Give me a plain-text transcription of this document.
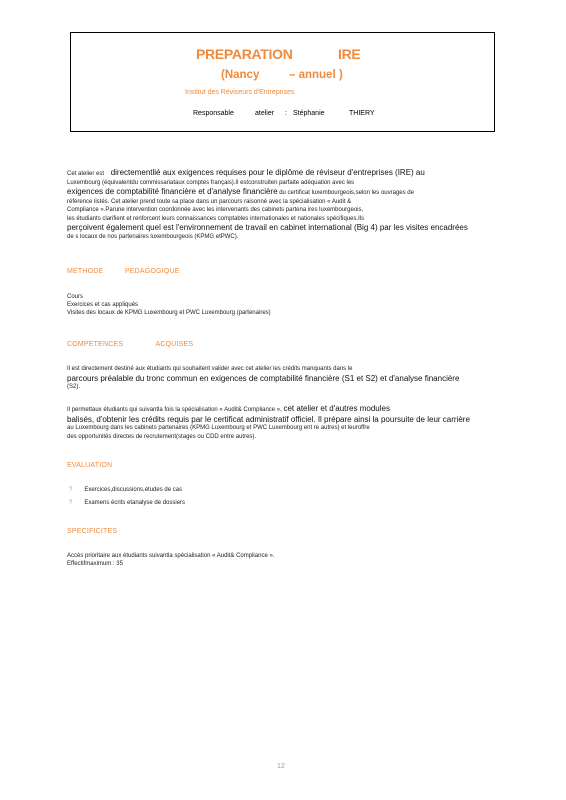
PREPARATION	IRE
(Nancy	– annuel )
Institut des Réviseurs d'Entreprises
Responsable	atelier : Stéphanie	THIERY
Cet atelier est directementlié aux exigences requises pour le diplôme de réviseur d'entreprises (IRE) au
Luxembourg (équivalentdu commissariataux comptes français).Il estconstruiten parfaite adéquation avec les
exigences de comptabilité financière et d'analyse financière du certificat luxembourgeois,selon les ouvrages de
référence listés. Cet atelier prend toute sa place dans un parcours raisonné avec la spécialisation « Audit &
Compliance ».Parune intervention coordonnée avec les intervenants des cabinets partena ires luxembourgeois,
les étudiants clarifient et renforcent leurs connaissances comptables internationales et nationales spécifiques.Ils
perçoivent également quel est l'environnement de travail en cabinet international (Big 4) par les visites encadrées
de s locaux de nos partenaires luxembourgeois (KPMG etPWC).
METHODE	PEDAGOGIQUE
Cours
Exercices et cas appliqués
Visites des locaux de KPMG Luxembourg et PWC Luxembourg (partenaires)
COMPETENCES	ACQUISES
Il est directement destiné aux étudiants qui souhaitent valider avec cet atelier les crédits manquants dans le
parcours préalable du tronc commun en exigences de comptabilité financière (S1 et S2) et d'analyse financière
(S2).
Il permettaux étudiants qui suivantla fois la spécialisation « Audit& Compliance », cet atelier et d'autres modules
balisés, d'obtenir les crédits requis par le certificat administratif officiel. Il prépare ainsi la poursuite de leur carrière
au Luxembourg dans les cabinets partenaires (KPMG Luxembourg et PWC Luxembourg ent re autres) et leuroffre
des opportunités directes de recrutement(stages ou CDD entre autres).
EVALUATION
? Exercices,discussions,études de cas
? Examens écrits etanalyse de dossiers
SPECIFICITES
Accès prioritaire aux étudiants suivantla spécialisation « Audit& Compliance ».
Effectifmaximum : 35
12
